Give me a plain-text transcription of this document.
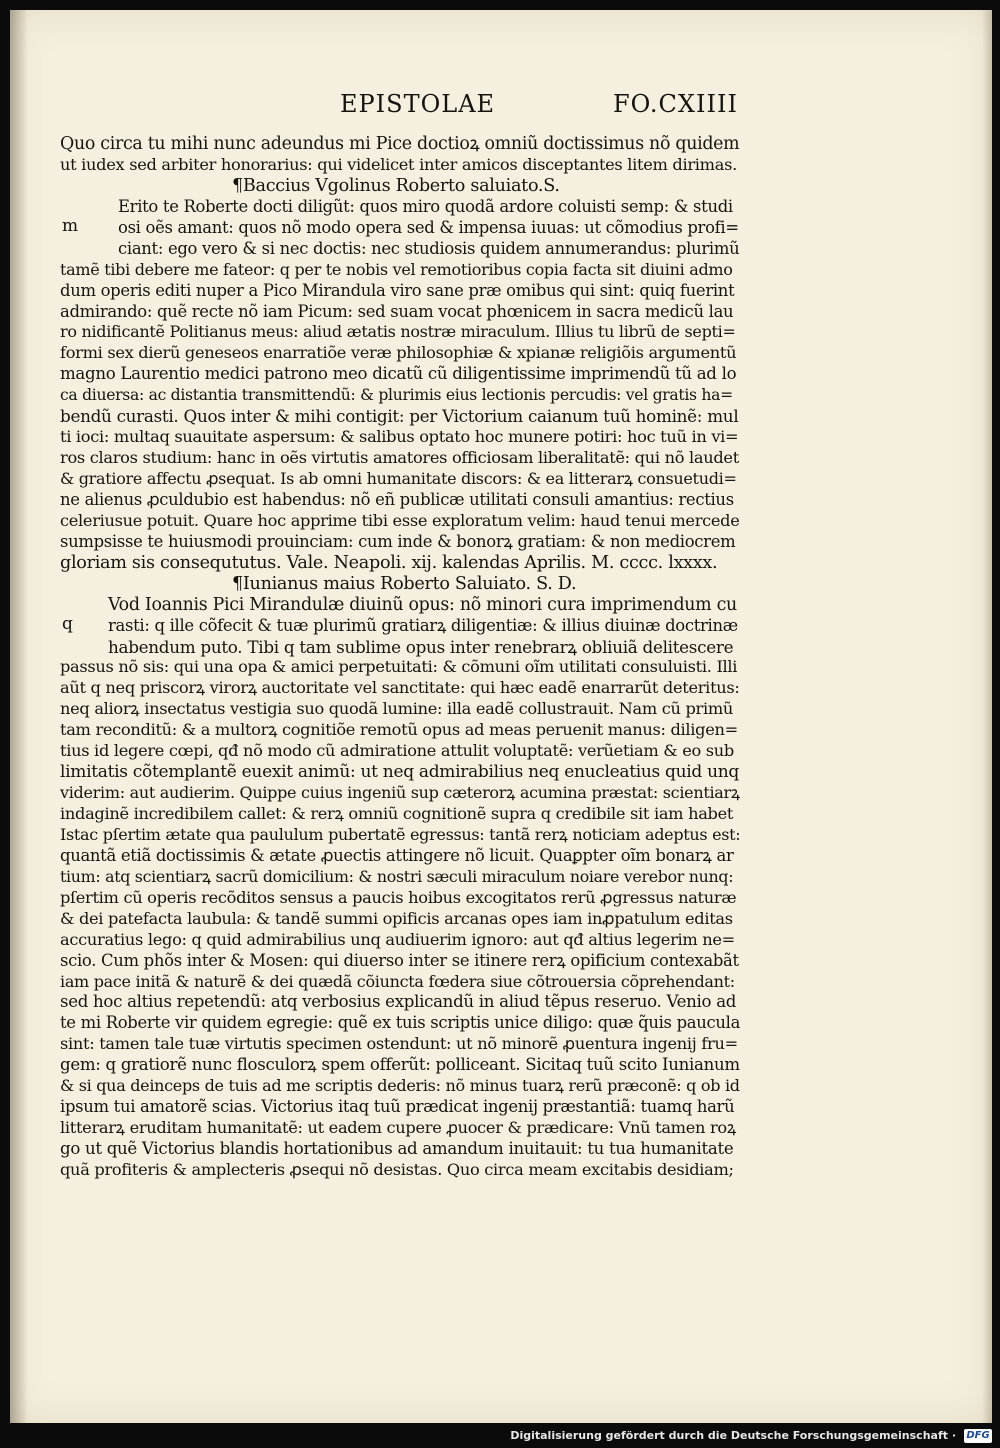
EPISTOLAE	FO.CXIIII
m
q
Quo circa tu mihi nunc adeundus mi Pice doctioꝝ omniũ doctissimus nõ quidem
ut iudex sed arbiter honorarius: qui videlicet inter amicos disceptantes litem dirimas.
¶Baccius Vgolinus Roberto saluiato.S.
Erito te Roberte docti diligũt: quos miro quodã ardore coluisti semp: & studi
osi oẽs amant: quos nõ modo opera sed & impensa iuuas: ut cõmodius profi=
ciant: ego vero & si nec doctis: nec studiosis quidem annumerandus: plurimũ
tamẽ tibi debere me fateor: q per te nobis vel remotioribus copia facta sit diuini admo
dum operis editi nuper a Pico Mirandula viro sane præ omibus qui sint: quiq fuerint
admirando: quẽ recte nõ iam Picum: sed suam vocat phœnicem in sacra medicũ lau
ro nidificantẽ Politianus meus: aliud ætatis nostræ miraculum. Illius tu librũ de septi=
formi sex dierũ geneseos enarratiõe veræ philosophiæ & xpianæ religiõis argumentũ
magno Laurentio medici patrono meo dicatũ cũ diligentissime imprimendũ tũ ad lo
ca diuersa: ac distantia transmittendũ: & plurimis eius lectionis percudis: vel gratis ha=
bendũ curasti. Quos inter & mihi contigit: per Victorium caianum tuũ hominẽ: mul
ti ioci: multaq suauitate aspersum: & salibus optato hoc munere potiri: hoc tuũ in vi=
ros claros studium: hanc in oẽs virtutis amatores officiosam liberalitatẽ: qui nõ laudet
& gratiore affectu ꝓsequat. Is ab omni humanitate discors: & ea litterarꝝ consuetudi=
ne alienus ꝓculdubio est habendus: nõ eñ publicæ utilitati consuli amantius: rectius
celeriusue potuit. Quare hoc apprime tibi esse exploratum velim: haud tenui mercede
sumpsisse te huiusmodi prouinciam: cum inde & bonorꝝ gratiam: & non mediocrem
gloriam sis conseqututus. Vale. Neapoli. xij. kalendas Aprilis. M. cccc. lxxxx.
¶Iunianus maius Roberto Saluiato. S. D.
Vod Ioannis Pici Mirandulæ diuinũ opus: nõ minori cura imprimendum cu
rasti: q ille cõfecit & tuæ plurimũ gratiarꝝ diligentiæ: & illius diuinæ doctrinæ
habendum puto. Tibi q tam sublime opus inter renebrarꝝ obliuiã delitescere
passus nõ sis: qui una opa & amici perpetuitati: & cõmuni oĩm utilitati consuluisti. Illi
aũt q neq priscorꝝ virorꝝ auctoritate vel sanctitate: qui hæc eadẽ enarrarũt deteritus:
neq aliorꝝ insectatus vestigia suo quodã lumine: illa eadẽ collustrauit. Nam cũ primũ
tam reconditũ: & a multorꝝ cognitiõe remotũ opus ad meas peruenit manus: diligen=
tius id legere cœpi, qđ nõ modo cũ admiratione attulit voluptatẽ: verũetiam & eo sub
limitatis cõtemplantẽ euexit animũ: ut neq admirabilius neq enucleatius quid unq
viderim: aut audierim. Quippe cuius ingeniũ sup cæterorꝝ acumina præstat: scientiarꝝ
indaginẽ incredibilem callet: & rerꝝ omniũ cognitionẽ supra q credibile sit iam habet
Istac pſertim ætate qua paululum pubertatẽ egressus: tantã rerꝝ noticiam adeptus est:
quantã etiã doctissimis & ætate ꝓuectis attingere nõ licuit. Quaꝑpter oĩm bonarꝝ ar
tium: atq scientiarꝝ sacrũ domicilium: & nostri sæculi miraculum noiare verebor nunq:
pſertim cũ operis recõditos sensus a paucis hoibus excogitatos rerũ ꝓgressus naturæ
& dei patefacta laubula: & tandẽ summi opificis arcanas opes iam inꝓpatulum editas
accuratius lego: q quid admirabilius unq audiuerim ignoro: aut qđ altius legerim ne=
scio. Cum phõs inter & Mosen: qui diuerso inter se itinere rerꝝ opificium contexabãt
iam pace initã & naturẽ & dei quædã cõiuncta fœdera siue cõtrouersia cõprehendant:
sed hoc altius repetendũ: atq verbosius explicandũ in aliud tẽpus reseruo. Venio ad
te mi Roberte vir quidem egregie: quẽ ex tuis scriptis unice diligo: quæ q̃uis paucula
sint: tamen tale tuæ virtutis specimen ostendunt: ut nõ minorẽ ꝓuentura ingenij fru=
gem: q gratiorẽ nunc flosculorꝝ spem offerũt: polliceant. Sicitaq tuũ scito Iunianum
& si qua deinceps de tuis ad me scriptis dederis: nõ minus tuarꝝ rerũ præconẽ: q ob id
ipsum tui amatorẽ scias. Victorius itaq tuũ prædicat ingenij præstantiã: tuamq harũ
litterarꝝ eruditam humanitatẽ: ut eadem cupere ꝓuocer & prædicare: Vnũ tamen roꝝ
go ut quẽ Victorius blandis hortationibus ad amandum inuitauit: tu tua humanitate
quã profiteris & amplecteris ꝓsequi nõ desistas. Quo circa meam excitabis desidiam;
Digitalisierung gefördert durch die Deutsche Forschungsgemeinschaft · DFG
